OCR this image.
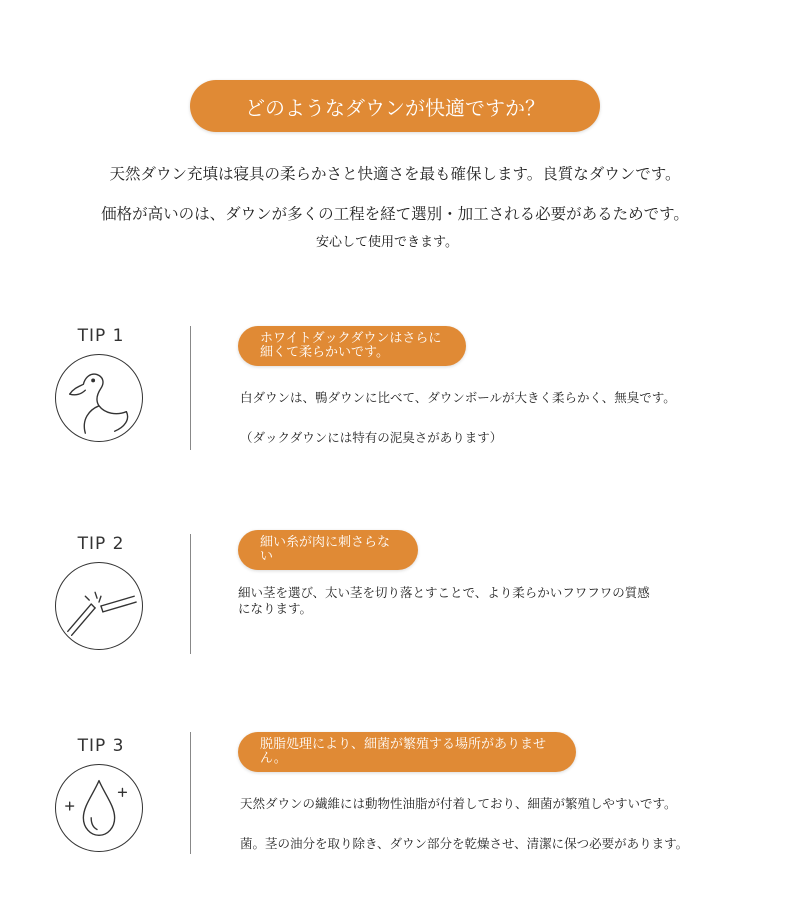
どのようなダウンが快適ですか？
天然ダウン充填は寝具の柔らかさと快適さを最も確保します。良質なダウンです。
価格が高いのは、ダウンが多くの工程を経て選別・加工される必要があるためです。
安心して使用できます。
TIP 1	ホワイトダックダウンはさらに細くて柔らかいです。
白ダウンは、鴨ダウンに比べて、ダウンボールが大きく柔らかく、無臭です。
（ダックダウンには特有の泥臭さがあります）
TIP 2	細い糸が肉に刺さらない
細い茎を選び、太い茎を切り落とすことで、より柔らかいフワフワの質感になります。
TIP 3	脱脂処理により、細菌が繁殖する場所がありません。
天然ダウンの繊維には動物性油脂が付着しており、細菌が繁殖しやすいです。
菌。茎の油分を取り除き、ダウン部分を乾燥させ、清潔に保つ必要があります。
